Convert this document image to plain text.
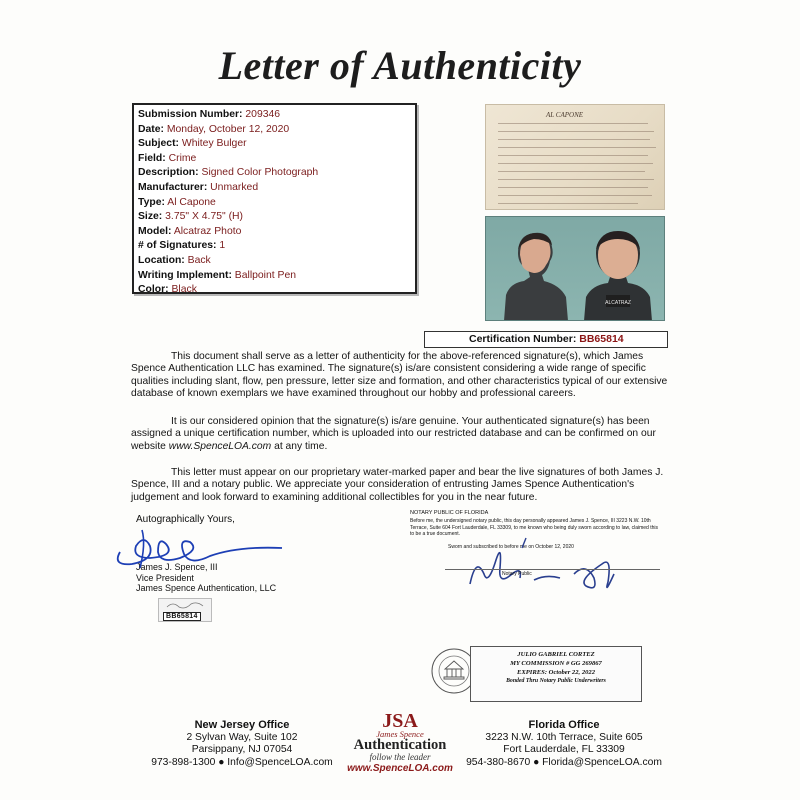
Letter of Authenticity
Submission Number: 209346
Date: Monday, October 12, 2020
Subject: Whitey Bulger
Field: Crime
Description: Signed Color Photograph
Manufacturer: Unmarked
Type: Al Capone
Size: 3.75" X 4.75" (H)
Model: Alcatraz Photo
# of Signatures: 1
Location: Back
Writing Implement: Ballpoint Pen
Color: Black
AL CAPONE
ALCATRAZ
Certification Number: BB65814

This document shall serve as a letter of authenticity for the above-referenced signature(s), which James Spence Authentication LLC has examined. The signature(s) is/are consistent considering a wide range of specific qualities including slant, flow, pen pressure, letter size and formation, and other characteristics typical of our extensive database of known exemplars we have examined throughout our hobby and professional careers.

It is our considered opinion that the signature(s) is/are genuine. Your authenticated signature(s) has been assigned a unique certification number, which is uploaded into our restricted database and can be confirmed on our website www.SpenceLOA.com at any time.

This letter must appear on our proprietary water-marked paper and bear the live signatures of both James J. Spence, III and a notary public. We appreciate your consideration of entrusting James Spence Authentication's judgement and look forward to examining additional collectibles for you in the near future.

Autographically Yours,
James J. Spence, III
Vice President
James Spence Authentication, LLC
BB65814
NOTARY PUBLIC OF FLORIDA
Before me, the undersigned notary public, this day personally appeared James J. Spence, III 3223 N.W. 10th Terrace, Suite 604 Fort Lauderdale, FL 33309, to me known who being duly sworn according to law, claimed this to be a true document.
Sworn and subscribed to before me on October 12, 2020
Notary Public
JULIO GABRIEL CORTEZ
MY COMMISSION # GG 269867
EXPIRES: October 22, 2022
Bonded Thru Notary Public Underwriters
New Jersey Office
2 Sylvan Way, Suite 102
Parsippany, NJ 07054
973-898-1300 ● Info@SpenceLOA.com
JSA
James Spence
Authentication
follow the leader
www.SpenceLOA.com
Florida Office
3223 N.W. 10th Terrace, Suite 605
Fort Lauderdale, FL 33309
954-380-8670 ● Florida@SpenceLOA.com
